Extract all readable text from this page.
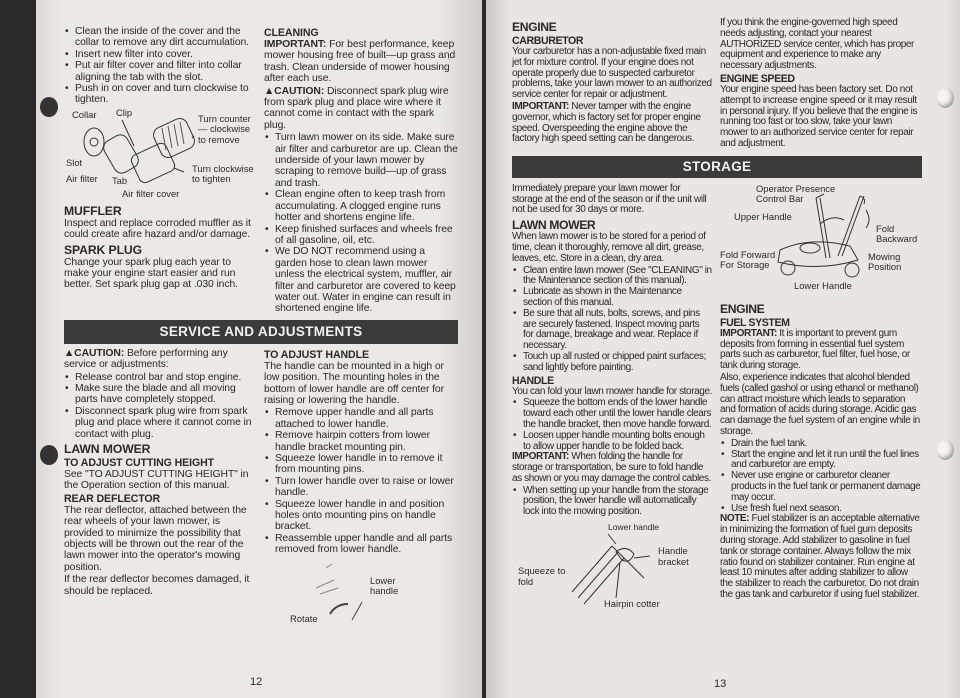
• Clean the inside of the cover and the collar to remove any dirt accumulation.
• Insert new filter into cover.
• Put air filter cover and filter into collar aligning the tab with the slot.
• Push in on cover and turn clockwise to tighten.
Collar Clip
Turn counter— clockwise to remove
Slot
Air filter Tab
Turn clockwise to tighten
Air filter cover
MUFFLER
Inspect and replace corroded muffler as it could create afire hazard and/or damage.
SPARK PLUG
Change your spark plug each year to make your engine start easier and run better. Set spark plug gap at .030 inch.
CLEANING
IMPORTANT: For best performance, keep mower housing free of built—up grass and trash. Clean underside of mower housing after each use.
▲CAUTION: Disconnect spark plug wire from spark plug and place wire where it cannot come in contact with the spark plug.
• Turn lawn mower on its side. Make sure air filter and carburetor are up. Clean the underside of your lawn mower by scraping to remove build—up of grass and trash.
• Clean engine often to keep trash from accumulating. A clogged engine runs hotter and shortens engine life.
• Keep finished surfaces and wheels free of all gasoline, oil, etc.
• We DO NOT recommend using a garden hose to clean lawn mower unless the electrical system, muffler, air filter and carburetor are covered to keep water out. Water in engine can result in shortened engine life.
SERVICE AND ADJUSTMENTS
▲CAUTION: Before performing any service or adjustments:
• Release control bar and stop engine.
• Make sure the blade and all moving parts have completely stopped.
• Disconnect spark plug wire from spark plug and place where it cannot come in contact with plug.
LAWN MOWER
TO ADJUST CUTTING HEIGHT
See "TO ADJUST CUTTING HEIGHT" in the Operation section of this manual.
REAR DEFLECTOR
The rear deflector, attached between the rear wheels of your lawn mower, is provided to minimize the possibility that objects will be thrown out the rear of the lawn mower into the operator's mowing position.
If the rear deflector becomes damaged, it should be replaced.
TO ADJUST HANDLE
The handle can be mounted in a high or low position. The mounting holes in the bottom of lower handle are off center for raising or lowering the handle.
• Remove upper handle and all parts attached to lower handle.
• Remove hairpin cotters from lower handle bracket mounting pin.
• Squeeze lower handle in to remove it from mounting pins.
• Turn lower handle over to raise or lower handle.
• Squeeze lower handle in and position holes onto mounting pins on handle bracket.
• Reassemble upper handle and all parts removed from lower handle.
Lower handle
Rotate
12
ENGINE
CARBURETOR
Your carburetor has a non-adjustable fixed main jet for mixture control. If your engine does not operate properly due to suspected carburetor problems, take your lawn mower to an authorized service center for repair or adjustment.
IMPORTANT: Never tamper with the engine governor, which is factory set for proper engine speed. Overspeeding the engine above the factory high speed setting can be dangerous.
If you think the engine-governed high speed needs adjusting, contact your nearest AUTHORIZED service center, which has proper equipment and experience to make any necessary adjustments.
ENGINE SPEED
Your engine speed has been factory set. Do not attempt to increase engine speed or it may result in personal injury. If you believe that the engine is running too fast or too slow, take your lawn mower to an authorized service center for repair and adjustment.
STORAGE
Immediately prepare your lawn mower for storage at the end of the season or if the unit will not be used for 30 days or more.
LAWN MOWER
When lawn mower is to be stored for a period of time, clean it thoroughly, remove all dirt, grease, leaves, etc. Store in a clean, dry area.
• Clean entire lawn mower (See "CLEANING" in the Maintenance section of this manual).
• Lubricate as shown in the Maintenance section of this manual.
• Be sure that all nuts, bolts, screws, and pins are securely fastened. Inspect moving parts for damage, breakage and wear. Replace if necessary.
• Touch up all rusted or chipped paint surfaces; sand lightly before painting.
HANDLE
You can fold your lawn mower handle for storage.
• Squeeze the bottom ends of the lower handle toward each other until the lower handle clears the handle bracket, then move handle forward.
• Loosen upper handle mounting bolts enough to allow upper handle to be folded back.
IMPORTANT: When folding the handle for storage or transportation, be sure to fold handle as shown or you may damage the control cables.
• When setting up your handle from the storage position, the lower handle will automatically lock into the mowing position.
Lower handle
Handle bracket
Squeeze to fold
Hairpin cotter
Operator Presence Control Bar
Upper Handle
Fold Backward
Fold Forward For Storage
Mowing Position
Lower Handle
ENGINE
FUEL SYSTEM
IMPORTANT: It is important to prevent gum deposits from forming in essential fuel system parts such as carburetor, fuel filter, fuel hose, or tank during storage.
Also, experience indicates that alcohol blended fuels (called gashol or using ethanol or methanol) can attract moisture which leads to separation and formation of acids during storage. Acidic gas can damage the fuel system of an engine while in storage.
• Drain the fuel tank.
• Start the engine and let it run until the fuel lines and carburetor are empty.
• Never use engine or carburetor cleaner products in the fuel tank or permanent damage may occur.
• Use fresh fuel next season.
NOTE: Fuel stabilizer is an acceptable alternative in minimizing the formation of fuel gum deposits during storage. Add stabilizer to gasoline in fuel tank or storage container. Always follow the mix ratio found on stabilizer container. Run engine at least 10 minutes after adding stabilizer to allow the stabilizer to reach the carburetor. Do not drain the gas tank and carburetor if using fuel stabilizer.
13
